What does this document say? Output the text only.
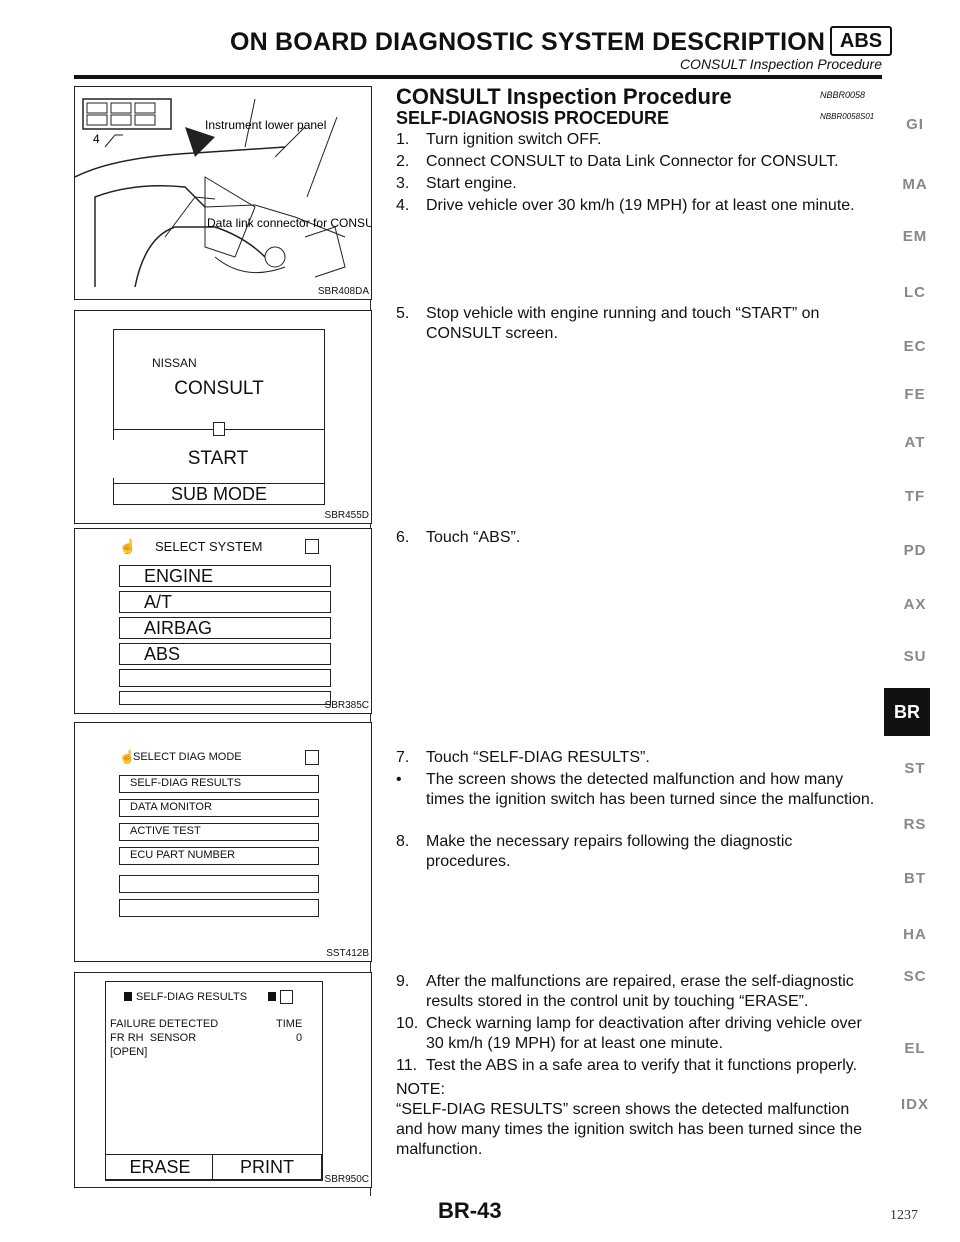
ON BOARD DIAGNOSTIC SYSTEM DESCRIPTION ABS
CONSULT Inspection Procedure
Instrument lower panel
4
Data link connector for CONSULT
SBR408DA
NISSAN
CONSULT
START
SUB MODE
SBR455D
☝ SELECT SYSTEM
ENGINE
A/T
AIRBAG
ABS
SBR385C
☝
SELECT DIAG MODE
SELF-DIAG RESULTS
DATA MONITOR
ACTIVE TEST
ECU PART NUMBER
SST412B
SELF-DIAG RESULTS
FAILURE DETECTED	TIME
FR RH  SENSOR	0
[OPEN]
ERASE	PRINT
SBR950C
CONSULT Inspection Procedure	NBBR0058
SELF-DIAGNOSIS PROCEDURE	NBBR0058S01
1. Turn ignition switch OFF.
2. Connect CONSULT to Data Link Connector for CONSULT.
3. Start engine.
4. Drive vehicle over 30 km/h (19 MPH) for at least one minute.
5. Stop vehicle with engine running and touch “START” on CONSULT screen.
6. Touch “ABS”.
7. Touch “SELF-DIAG RESULTS”.
• The screen shows the detected malfunction and how many times the ignition switch has been turned since the malfunction.
8. Make the necessary repairs following the diagnostic procedures.
9. After the malfunctions are repaired, erase the self-diagnostic results stored in the control unit by touching “ERASE”.
10. Check warning lamp for deactivation after driving vehicle over 30 km/h (19 MPH) for at least one minute.
11. Test the ABS in a safe area to verify that it functions properly.
NOTE:
“SELF-DIAG RESULTS” screen shows the detected malfunction and how many times the ignition switch has been turned since the malfunction.
GI
MA
EM
LC
EC
FE
AT
TF
PD
AX
SU
BR
ST
RS
BT
HA
SC
EL
IDX
BR-43	1237
